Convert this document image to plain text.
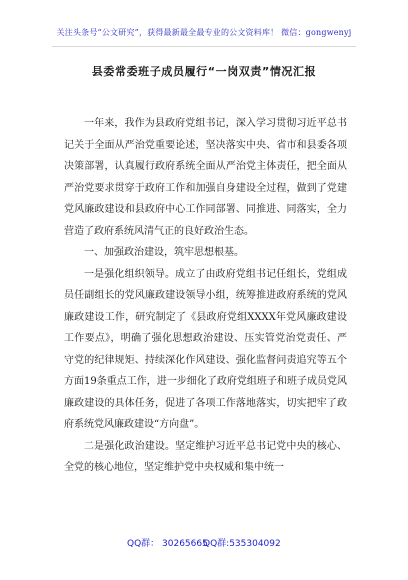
关注头条号“公文研究”，获得最新最全最专业的公文资料库！ 微信：gongwenyj
县委常委班子成员履行“一岗双责”情况汇报

一年来，我作为县政府党组书记，深入学习贯彻习近平总书记关于全面从严治党重要论述，坚决落实中央、省市和县委各项决策部署，认真履行政府系统全面从严治党主体责任，把全面从严治党要求贯穿于政府工作和加强自身建设全过程，做到了党建党风廉政建设和县政府中心工作同部署、同推进、同落实，全力营造了政府系统风清气正的良好政治生态。

一、加强政治建设，筑牢思想根基。

一是强化组织领导。成立了由政府党组书记任组长，党组成员任副组长的党风廉政建设领导小组，统筹推进政府系统的党风廉政建设工作，研究制定了《县政府党组XXXX年党风廉政建设工作要点》，明确了强化思想政治建设、压实管党治党责任、严守党的纪律规矩、持续深化作风建设、强化监督问责追究等五个方面19条重点工作，进一步细化了政府党组班子和班子成员党风廉政建设的具体任务，促进了各项工作落地落实，切实把牢了政府系统党风廉政建设“方向盘”。

二是强化政治建设。坚定维护习近平总书记党中央的核心、全党的核心地位，坚定维护党中央权威和集中统一

QQ群： 30265665
QQ群:535304092
